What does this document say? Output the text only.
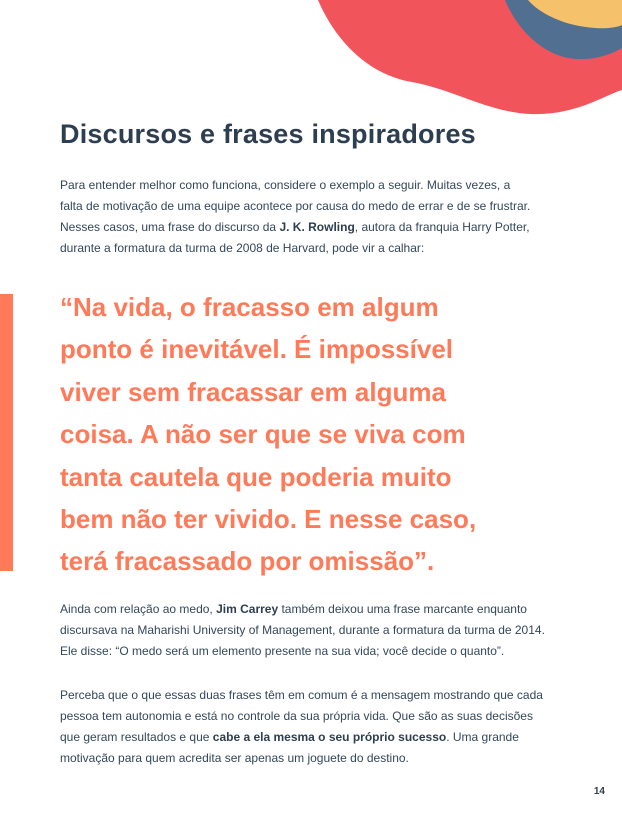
Discursos e frases inspiradores

Para entender melhor como funciona, considere o exemplo a seguir. Muitas vezes, a
falta de motivação de uma equipe acontece por causa do medo de errar e de se frustrar.
Nesses casos, uma frase do discurso da J. K. Rowling, autora da franquia Harry Potter,
durante a formatura da turma de 2008 de Harvard, pode vir a calhar:

“Na vida, o fracasso em algum
ponto é inevitável. É impossível
viver sem fracassar em alguma
coisa. A não ser que se viva com
tanta cautela que poderia muito
bem não ter vivido. E nesse caso,
terá fracassado por omissão”.

Ainda com relação ao medo, Jim Carrey também deixou uma frase marcante enquanto
discursava na Maharishi University of Management, durante a formatura da turma de 2014.
Ele disse: “O medo será um elemento presente na sua vida; você decide o quanto”.

Perceba que o que essas duas frases têm em comum é a mensagem mostrando que cada
pessoa tem autonomia e está no controle da sua própria vida. Que são as suas decisões
que geram resultados e que cabe a ela mesma o seu próprio sucesso. Uma grande
motivação para quem acredita ser apenas um joguete do destino.

14
